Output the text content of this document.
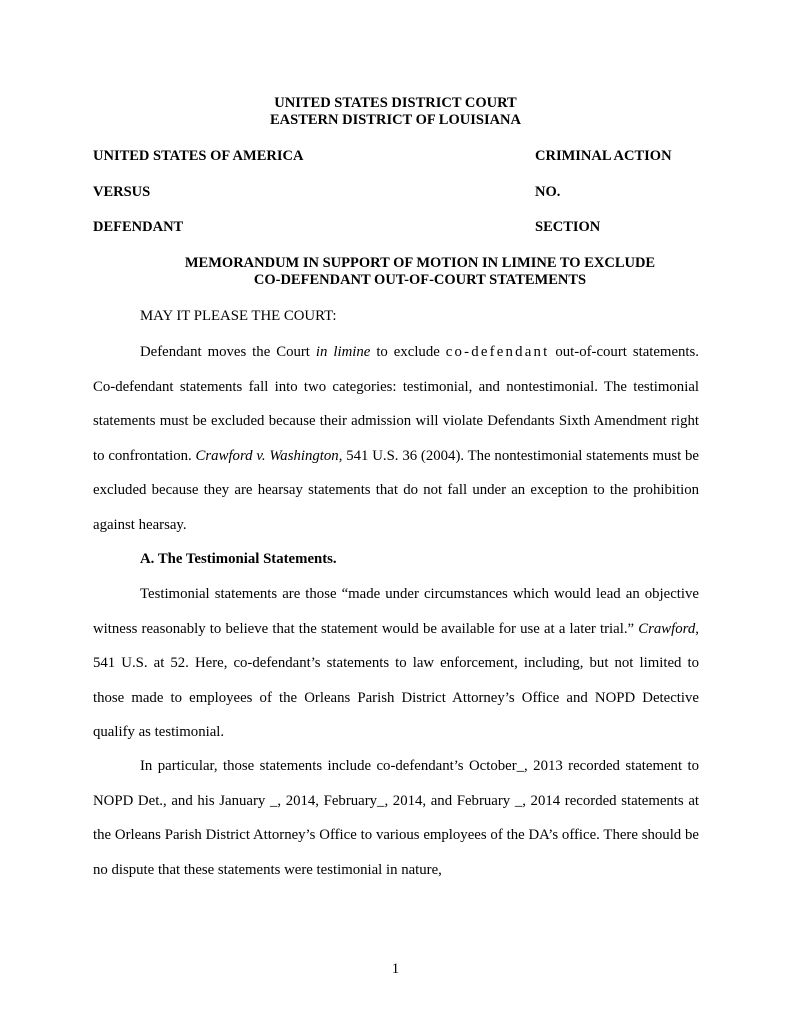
UNITED STATES DISTRICT COURT
EASTERN DISTRICT OF LOUISIANA
UNITED STATES OF AMERICA
VERSUS
DEFENDANT
CRIMINAL ACTION
NO.
SECTION
MEMORANDUM IN SUPPORT OF MOTION IN LIMINE TO EXCLUDE
CO-DEFENDANT OUT-OF-COURT STATEMENTS
MAY IT PLEASE THE COURT:

Defendant moves the Court in limine to exclude co-defendant out-of-court statements. Co-defendant statements fall into two categories: testimonial, and nontestimonial. The testimonial statements must be excluded because their admission will violate Defendants Sixth Amendment right to confrontation. Crawford v. Washington, 541 U.S. 36 (2004). The nontestimonial statements must be excluded because they are hearsay statements that do not fall under an exception to the prohibition against hearsay.

A. The Testimonial Statements.

Testimonial statements are those “made under circumstances which would lead an objective witness reasonably to believe that the statement would be available for use at a later trial.” Crawford, 541 U.S. at 52. Here, co-defendant’s statements to law enforcement, including, but not limited to those made to employees of the Orleans Parish District Attorney’s Office and NOPD Detective qualify as testimonial.

In particular, those statements include co-defendant’s October_, 2013 recorded statement to NOPD Det., and his January _, 2014, February_, 2014, and February _, 2014 recorded statements at the Orleans Parish District Attorney’s Office to various employees of the DA’s office. There should be no dispute that these statements were testimonial in nature,

1
